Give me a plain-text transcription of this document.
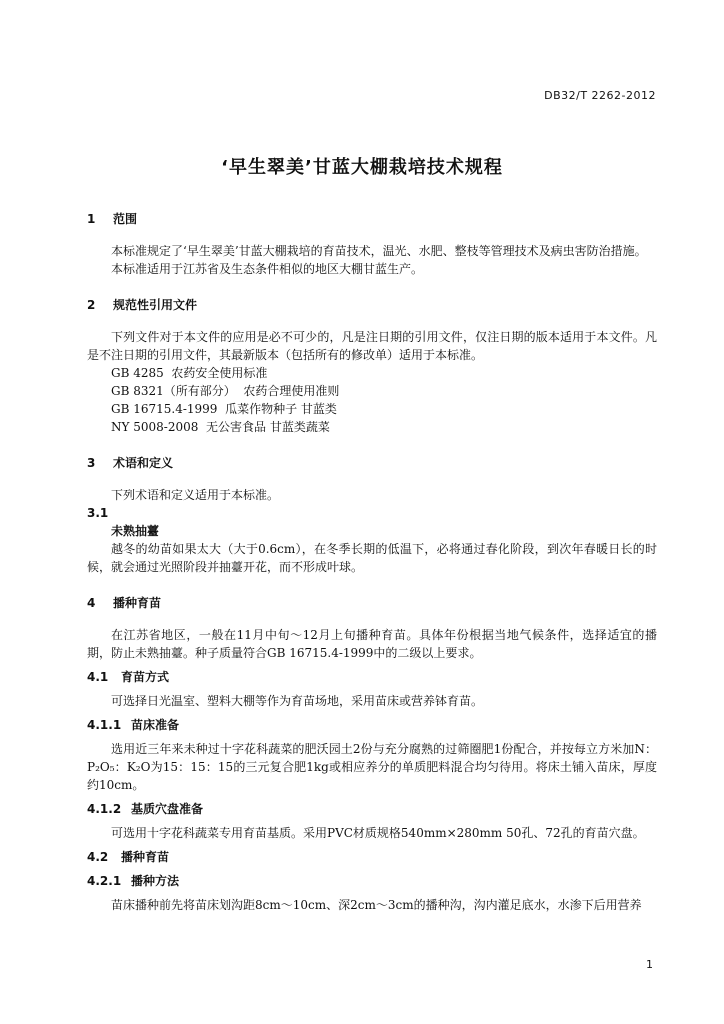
DB32/T 2262-2012
‘早生翠美’甘蓝大棚栽培技术规程
1 范围
本标准规定了‘早生翠美’甘蓝大棚栽培的育苗技术，温光、水肥、整枝等管理技术及病虫害防治措施。
本标准适用于江苏省及生态条件相似的地区大棚甘蓝生产。
2 规范性引用文件
下列文件对于本文件的应用是必不可少的，凡是注日期的引用文件，仅注日期的版本适用于本文件。凡是不注日期的引用文件，其最新版本（包括所有的修改单）适用于本标准。
GB 4285  农药安全使用标准
GB 8321（所有部分）  农药合理使用准则
GB 16715.4-1999  瓜菜作物种子 甘蓝类
NY 5008-2008  无公害食品 甘蓝类蔬菜
3 术语和定义
下列术语和定义适用于本标准。
3.1
未熟抽薹
越冬的幼苗如果太大（大于0.6cm），在冬季长期的低温下，必将通过春化阶段，到次年春暖日长的时候，就会通过光照阶段并抽薹开花，而不形成叶球。
4 播种育苗
在江苏省地区，一般在11月中旬～12月上旬播种育苗。具体年份根据当地气候条件，选择适宜的播期，防止未熟抽薹。种子质量符合GB 16715.4-1999中的二级以上要求。
4.1 育苗方式
可选择日光温室、塑料大棚等作为育苗场地，采用苗床或营养钵育苗。
4.1.1 苗床准备
选用近三年来未种过十字花科蔬菜的肥沃园土2份与充分腐熟的过筛圈肥1份配合，并按每立方米加N：P₂O₅：K₂O为15：15：15的三元复合肥1kg或相应养分的单质肥料混合均匀待用。将床土铺入苗床，厚度约10cm。
4.1.2 基质穴盘准备
可选用十字花科蔬菜专用育苗基质。采用PVC材质规格540mm×280mm 50孔、72孔的育苗穴盘。
4.2 播种育苗
4.2.1 播种方法
苗床播种前先将苗床划沟距8cm～10cm、深2cm～3cm的播种沟，沟内灌足底水，水渗下后用营养
1
